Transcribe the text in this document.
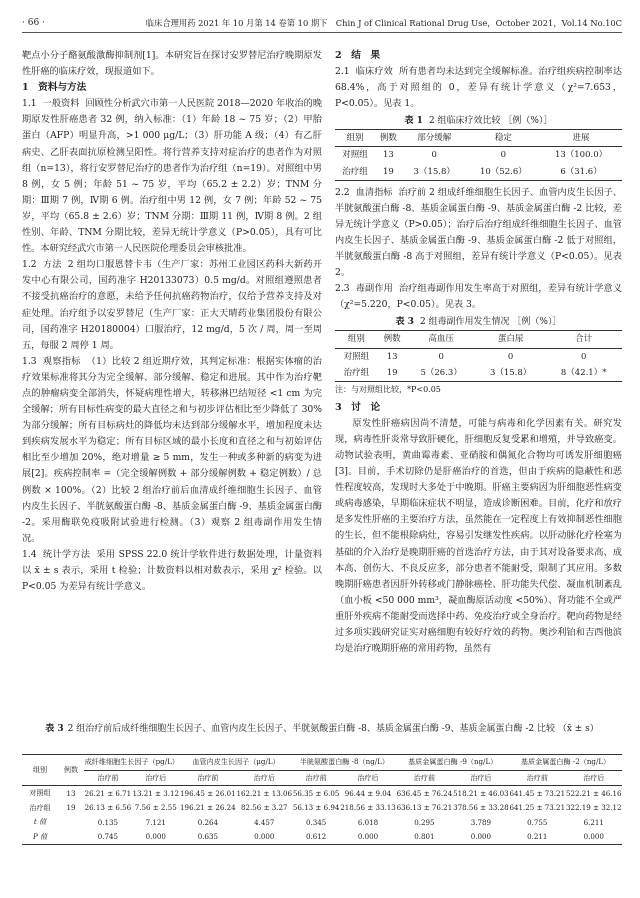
· 66 ·	临床合理用药 2021 年 10 月第 14 卷第 10 期下　Chin J of Clinical Rational Drug Use，October 2021，Vol.14 No.10C

靶点小分子酪氨酸激酶抑制剂[1]。本研究旨在探讨安罗替尼治疗晚期原发性肝癌的临床疗效，现报道如下。

1　资料与方法
1.1 一般资料 回顾性分析武穴市第一人民医院 2018—2020 年收治的晚期原发性肝癌患者 32 例，纳入标准：（1）年龄 18 ~ 75 岁；（2）甲胎蛋白（AFP）明显升高，>1 000 μg/L；（3）肝功能 A 级；（4）有乙肝病史、乙肝表面抗原检测呈阳性。将行营养支持对症治疗的患者作为对照组（n=13），将行安罗替尼治疗的患者作为治疗组（n=19）。对照组中男 8 例，女 5 例；年龄 51 ~ 75 岁，平均（65.2 ± 2.2）岁；TNM 分期：Ⅲ期 7 例，Ⅳ期 6 例。治疗组中男 12 例，女 7 例；年龄 52 ~ 75 岁，平均（65.8 ± 2.6）岁；TNM 分期：Ⅲ期 11 例，Ⅳ期 8 例。2 组性别、年龄、TNM 分期比较，差异无统计学意义（P>0.05），具有可比性。本研究经武穴市第一人民医院伦理委员会审核批准。
1.2 方法 2 组均口服恩替卡韦（生产厂家：苏州工业园区药科大新药开发中心有限公司，国药准字 H20133073）0.5 mg/d。对照组遵照患者不接受抗癌治疗的意愿，未给予任何抗癌药物治疗，仅给予营养支持及对症处理。治疗组予以安罗替尼（生产厂家：正大天晴药业集团股份有限公司，国药准字 H20180004）口服治疗，12 mg/d，5 次 / 周，周一至周五，每服 2 周停 1 周。
1.3 观察指标 （1）比较 2 组近期疗效，其判定标准：根据实体瘤的治疗效果标准将其分为完全缓解、部分缓解、稳定和进展。其中作为治疗靶点的肿瘤病变全部消失，怀疑病理性增大，转移淋巴结短径 <1 cm 为完全缓解；所有目标性病变的最大直径之和与初步评估相比至少降低了 30% 为部分缓解；所有目标病灶的降低均未达到部分缓解水平，增加程度未达到疾病发展水平为稳定；所有目标区域的最小长度和直径之和与初始评估相比至少增加 20%，绝对增量 ≥ 5 mm，发生一种或多种新的病变为进展[2]。疾病控制率 =（完全缓解例数 + 部分缓解例数 + 稳定例数）/ 总例数 × 100%。（2）比较 2 组治疗前后血清成纤维细胞生长因子、血管内皮生长因子、半胱氨酸蛋白酶 -8、基质金属蛋白酶 -9、基质金属蛋白酶 -2。采用酶联免疫吸附试验进行检测。（3）观察 2 组毒副作用发生情况。
1.4 统计学方法 采用 SPSS 22.0 统计学软件进行数据处理，计量资料以 x̄ ± s 表示，采用 t 检验；计数资料以相对数表示，采用 χ² 检验。以 P<0.05 为差异有统计学意义。
2　结　果
2.1 临床疗效 所有患者均未达到完全缓解标准。治疗组疾病控制率达 68.4%，高于对照组的 0，差异有统计学意义（χ²=7.653，P<0.05）。见表 1。
表 1 2 组临床疗效比较 ［例（%）］
组别	例数	部分缓解	稳定	进展
对照组	13	0	0	13（100.0）
治疗组	19	3（15.8）	10（52.6）	6（31.6）
2.2 血清指标 治疗前 2 组成纤维细胞生长因子、血管内皮生长因子、半胱氨酸蛋白酶 -8、基质金属蛋白酶 -9、基质金属蛋白酶 -2 比较，差异无统计学意义（P>0.05）；治疗后治疗组成纤维细胞生长因子、血管内皮生长因子、基质金属蛋白酶 -9、基质金属蛋白酶 -2 低于对照组，半胱氨酸蛋白酶 -8 高于对照组，差异有统计学意义（P<0.05）。见表 2。
2.3 毒副作用 治疗组毒副作用发生率高于对照组，差异有统计学意义（χ²=5.220，P<0.05）。见表 3。
表 3 2 组毒副作用发生情况 ［例（%）］
组别	例数	高血压	蛋白尿	合计
对照组	13	0	0	0
治疗组	19	5（26.3）	3（15.8）	8（42.1）*
注：与对照组比较，*P<0.05
3　讨　论

原发性肝癌病因尚不清楚，可能与病毒和化学因素有关。研究发现，病毒性肝炎常导致肝硬化，肝细胞反复受累和增殖，并导致癌变。动物试验表明，黄曲霉毒素、亚硝胺和偶氮化合物均可诱发肝细胞癌[3]。目前，手术切除仍是肝癌治疗的首选，但由于疾病的隐蔽性和恶性程度较高，发现时大多处于中晚期。肝癌主要病因为肝细胞恶性病变或病毒感染，早期临床症状不明显，造成诊断困难。目前，化疗和放疗是多发性肝癌的主要治疗方法，虽然能在一定程度上有效抑制恶性细胞的生长，但不能根除病灶，容易引发继发性疾病。以肝动脉化疗栓塞为基础的介入治疗是晚期肝癌的首选治疗方法，由于其对设备要求高、成本高、创伤大、不良反应多，部分患者不能耐受，限制了其应用。多数晚期肝癌患者因肝外转移或门静脉癌栓、肝功能失代偿、凝血机制紊乱（血小板 <50 000 mm³，凝血酶原活动度 <50%）、肾功能不全或严重肝外疾病不能耐受而选择中药、免疫治疗或全身治疗。靶向药物是经过多项实践研究证实对癌细胞有较好疗效的药物。奥沙利铂和吉西他滨均是治疗晚期肝癌的常用药物，虽然有

表 3 2 组治疗前后成纤维细胞生长因子、血管内皮生长因子、半胱氨酸蛋白酶 -8、基质金属蛋白酶 -9、基质金属蛋白酶 -2 比较 （x̄ ± s）
组别	例数	成纤维细胞生长因子（pg/L）		血管内皮生长因子（μg/L）		半胱氨酸蛋白酶 -8（ng/L）		基质金属蛋白酶 -9（ng/L）		基质金属蛋白酶 -2（ng/L）	
		治疗前	治疗后	治疗前	治疗后	治疗前	治疗后	治疗前	治疗后	治疗前	治疗后
对照组	13	26.21 ± 6.71	13.21 ± 3.12	196.45 ± 26.01	162.21 ± 13.06	56.35 ± 6.05	96.44 ± 9.04	636.45 ± 76.24	518.21 ± 46.03	641.45 ± 73.21	522.21 ± 46.16
治疗组	19	26.13 ± 6.56	7.56 ± 2.55	196.21 ± 26.24	82.56 ± 3.27	56.13 ± 6.94	218.56 ± 33.13	636.13 ± 76.21	378.56 ± 33.28	641.25 ± 73.21	322.19 ± 32.12
t 值		0.135	7.121	0.264	4.457	0.345	6.018	0.295	3.789	0.755	6.211
P 值		0.745	0.000	0.635	0.000	0.612	0.000	0.801	0.000	0.211	0.000
